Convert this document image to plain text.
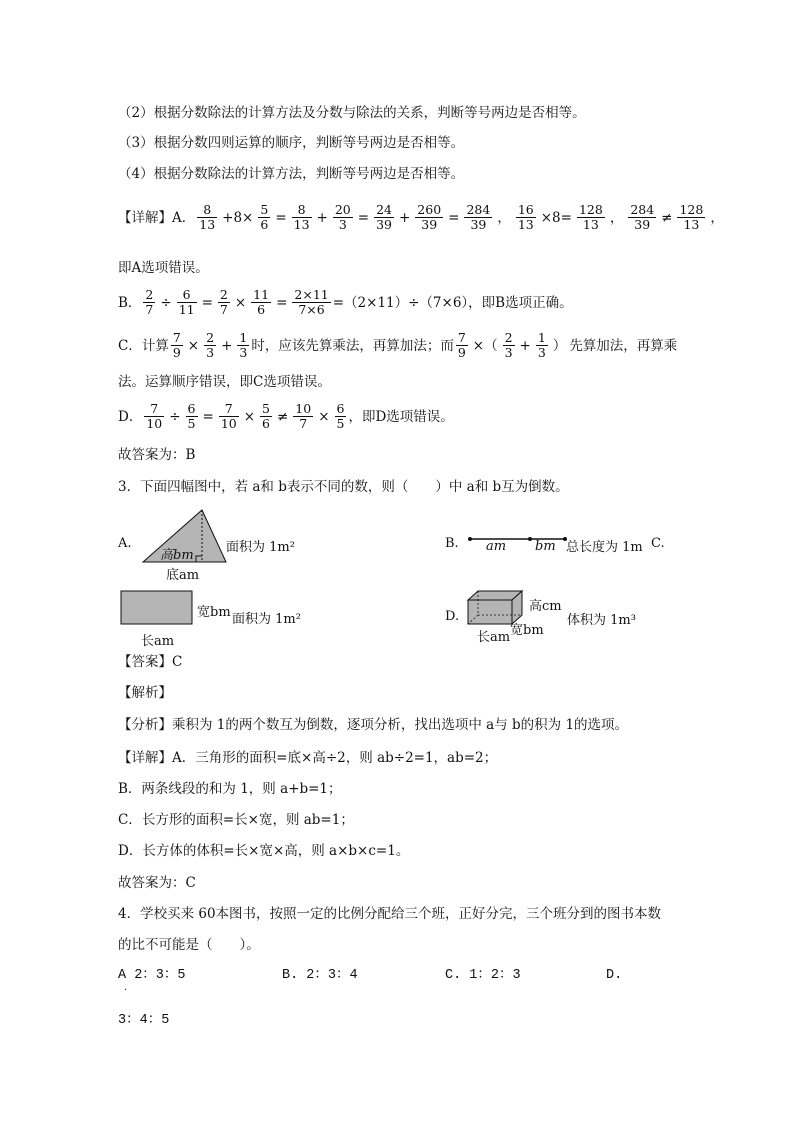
（2）根据分数除法的计算方法及分数与除法的关系，判断等号两边是否相等。
（3）根据分数四则运算的顺序，判断等号两边是否相等。
（4）根据分数除法的计算方法，判断等号两边是否相等。
【详解】A． $\frac{8}{13} +8\times \frac{5}{6} = \frac{8}{13} + \frac{20}{3} = \frac{24}{39} + \frac{260}{39} = \frac{284}{39}$ ， $\frac{16}{13} \times 8= \frac{128}{13}$ ， $\frac{284}{39} \ne \frac{128}{13}$ ，
即A选项错误。
B． $\frac{2}{7} \div \frac{6}{11} = \frac{2}{7} \times \frac{11}{6} = \frac{2\times 11}{7\times 6} =(2\times 11)\div(7\times 6)$，即B选项正确。
C．计算 $\frac{7}{9} \times \frac{2}{3} + \frac{1}{3}$ 时，应该先算乘法，再算加法；而 $\frac{7}{9}$ ×（ $\frac{2}{3} + \frac{1}{3}$ ） 先算加法，再算乘
法。运算顺序错误，即C选项错误。
D． $\frac{7}{10} \div \frac{6}{5} = \frac{7}{10} \times \frac{5}{6} \ne \frac{10}{7} \times \frac{6}{5}$ ，即D选项错误。
故答案为：B
3．下面四幅图中，若 a和 b表示不同的数，则（　　）中 a和 b互为倒数。
A.
高bm
底am
面积为 1m²	B. am bm 总长度为 1m C.
宽bm 面积为 1m²
长am
D.
高cm
体积为 1m³
宽bm
长am
【答案】C
【解析】
【分析】乘积为 1的两个数互为倒数，逐项分析，找出选项中 a与 b的积为 1的选项。
【详解】A．三角形的面积=底×高÷2，则 ab÷2=1，ab=2；
B．两条线段的和为 1，则 a+b=1；
C．长方形的面积=长×宽，则 ab=1；
D．长方体的体积=长×宽×高，则 a×b×c=1。
故答案为：C
4．学校买来 60本图书，按照一定的比例分配给三个班，正好分完，三个班分到的图书本数
的比不可能是（　　）。
A 2：3：5	B. 2：3：4	C. 1：2：3	D.
.
3：4：5
